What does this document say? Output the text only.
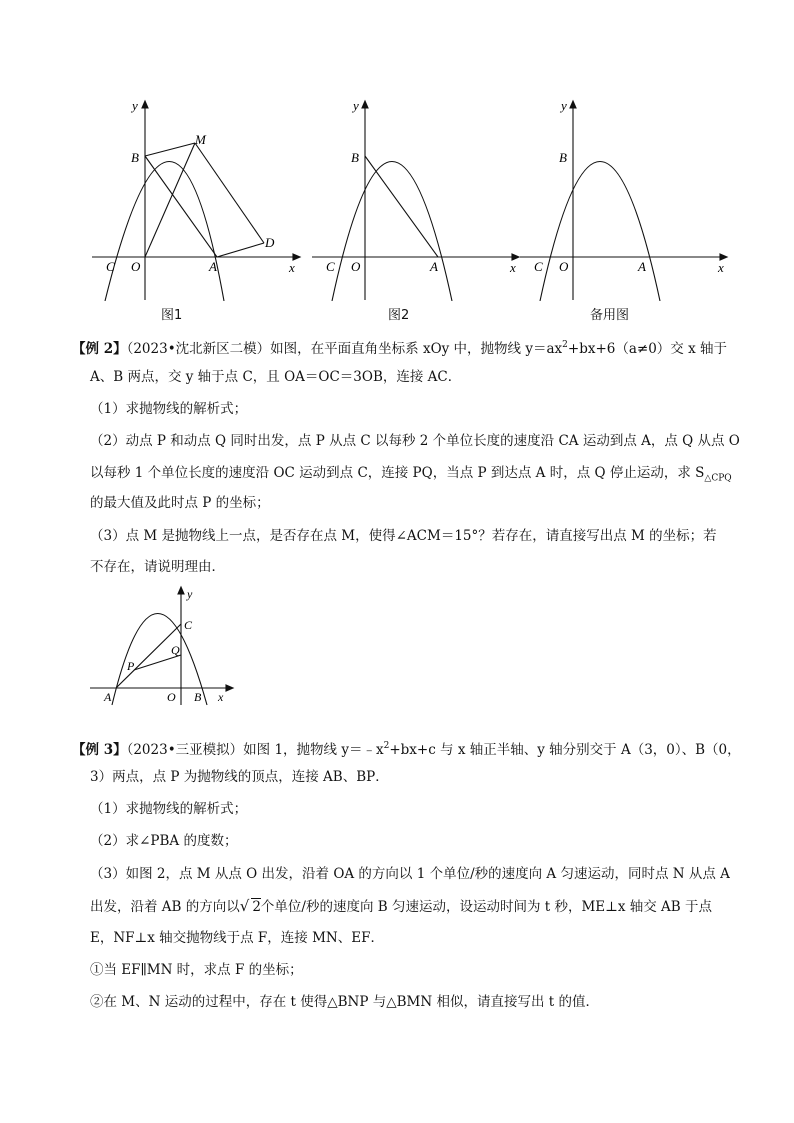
y
x
B
M
C O	A
D
图1
y
x
B
C O	A
图2
y
x
B
C O	A
备用图
【例 2】（2023•沈北新区二模）如图，在平面直角坐标系 xOy 中，抛物线 $y=ax^2+bx+6(a\ne 0)$交 x 轴于
A、B 两点，交 y 轴于点 C，且 OA＝OC＝3OB，连接 AC．
（1）求抛物线的解析式；
（2）动点 P 和动点 Q 同时出发，点 P 从点 C 以每秒 2 个单位长度的速度沿 CA 运动到点 A，点 Q 从点 O
以每秒 1 个单位长度的速度沿 OC 运动到点 C，连接 PQ，当点 P 到达点 A 时，点 Q 停止运动，求 $S_{\triangle CPQ}$
的最大值及此时点 P 的坐标；
（3）点 M 是抛物线上一点，是否存在点 M，使得∠ACM＝15°？若存在，请直接写出点 M 的坐标；若
不存在，请说明理由．
y
x
C
Q
P
A	O B
【例 3】（2023•三亚模拟）如图 1，抛物线 $y=﹣x^2+bx+c$ 与 x 轴正半轴、y 轴分别交于 A（3，0）、B（0，
3）两点，点 P 为抛物线的顶点，连接 AB、BP．
（1）求抛物线的解析式；
（2）求∠PBA 的度数；
（3）如图 2，点 M 从点 O 出发，沿着 OA 的方向以 1 个单位/秒的速度向 A 匀速运动，同时点 N 从点 A
出发，沿着 AB 的方向以√ 2个单位/秒的速度向 B 匀速运动，设运动时间为 t 秒，ME⊥x 轴交 AB 于点
E，NF⊥x 轴交抛物线于点 F，连接 MN、EF．
①当 EF∥MN 时，求点 F 的坐标；
②在 M、N 运动的过程中，存在 t 使得△BNP 与△BMN 相似，请直接写出 t 的值．
